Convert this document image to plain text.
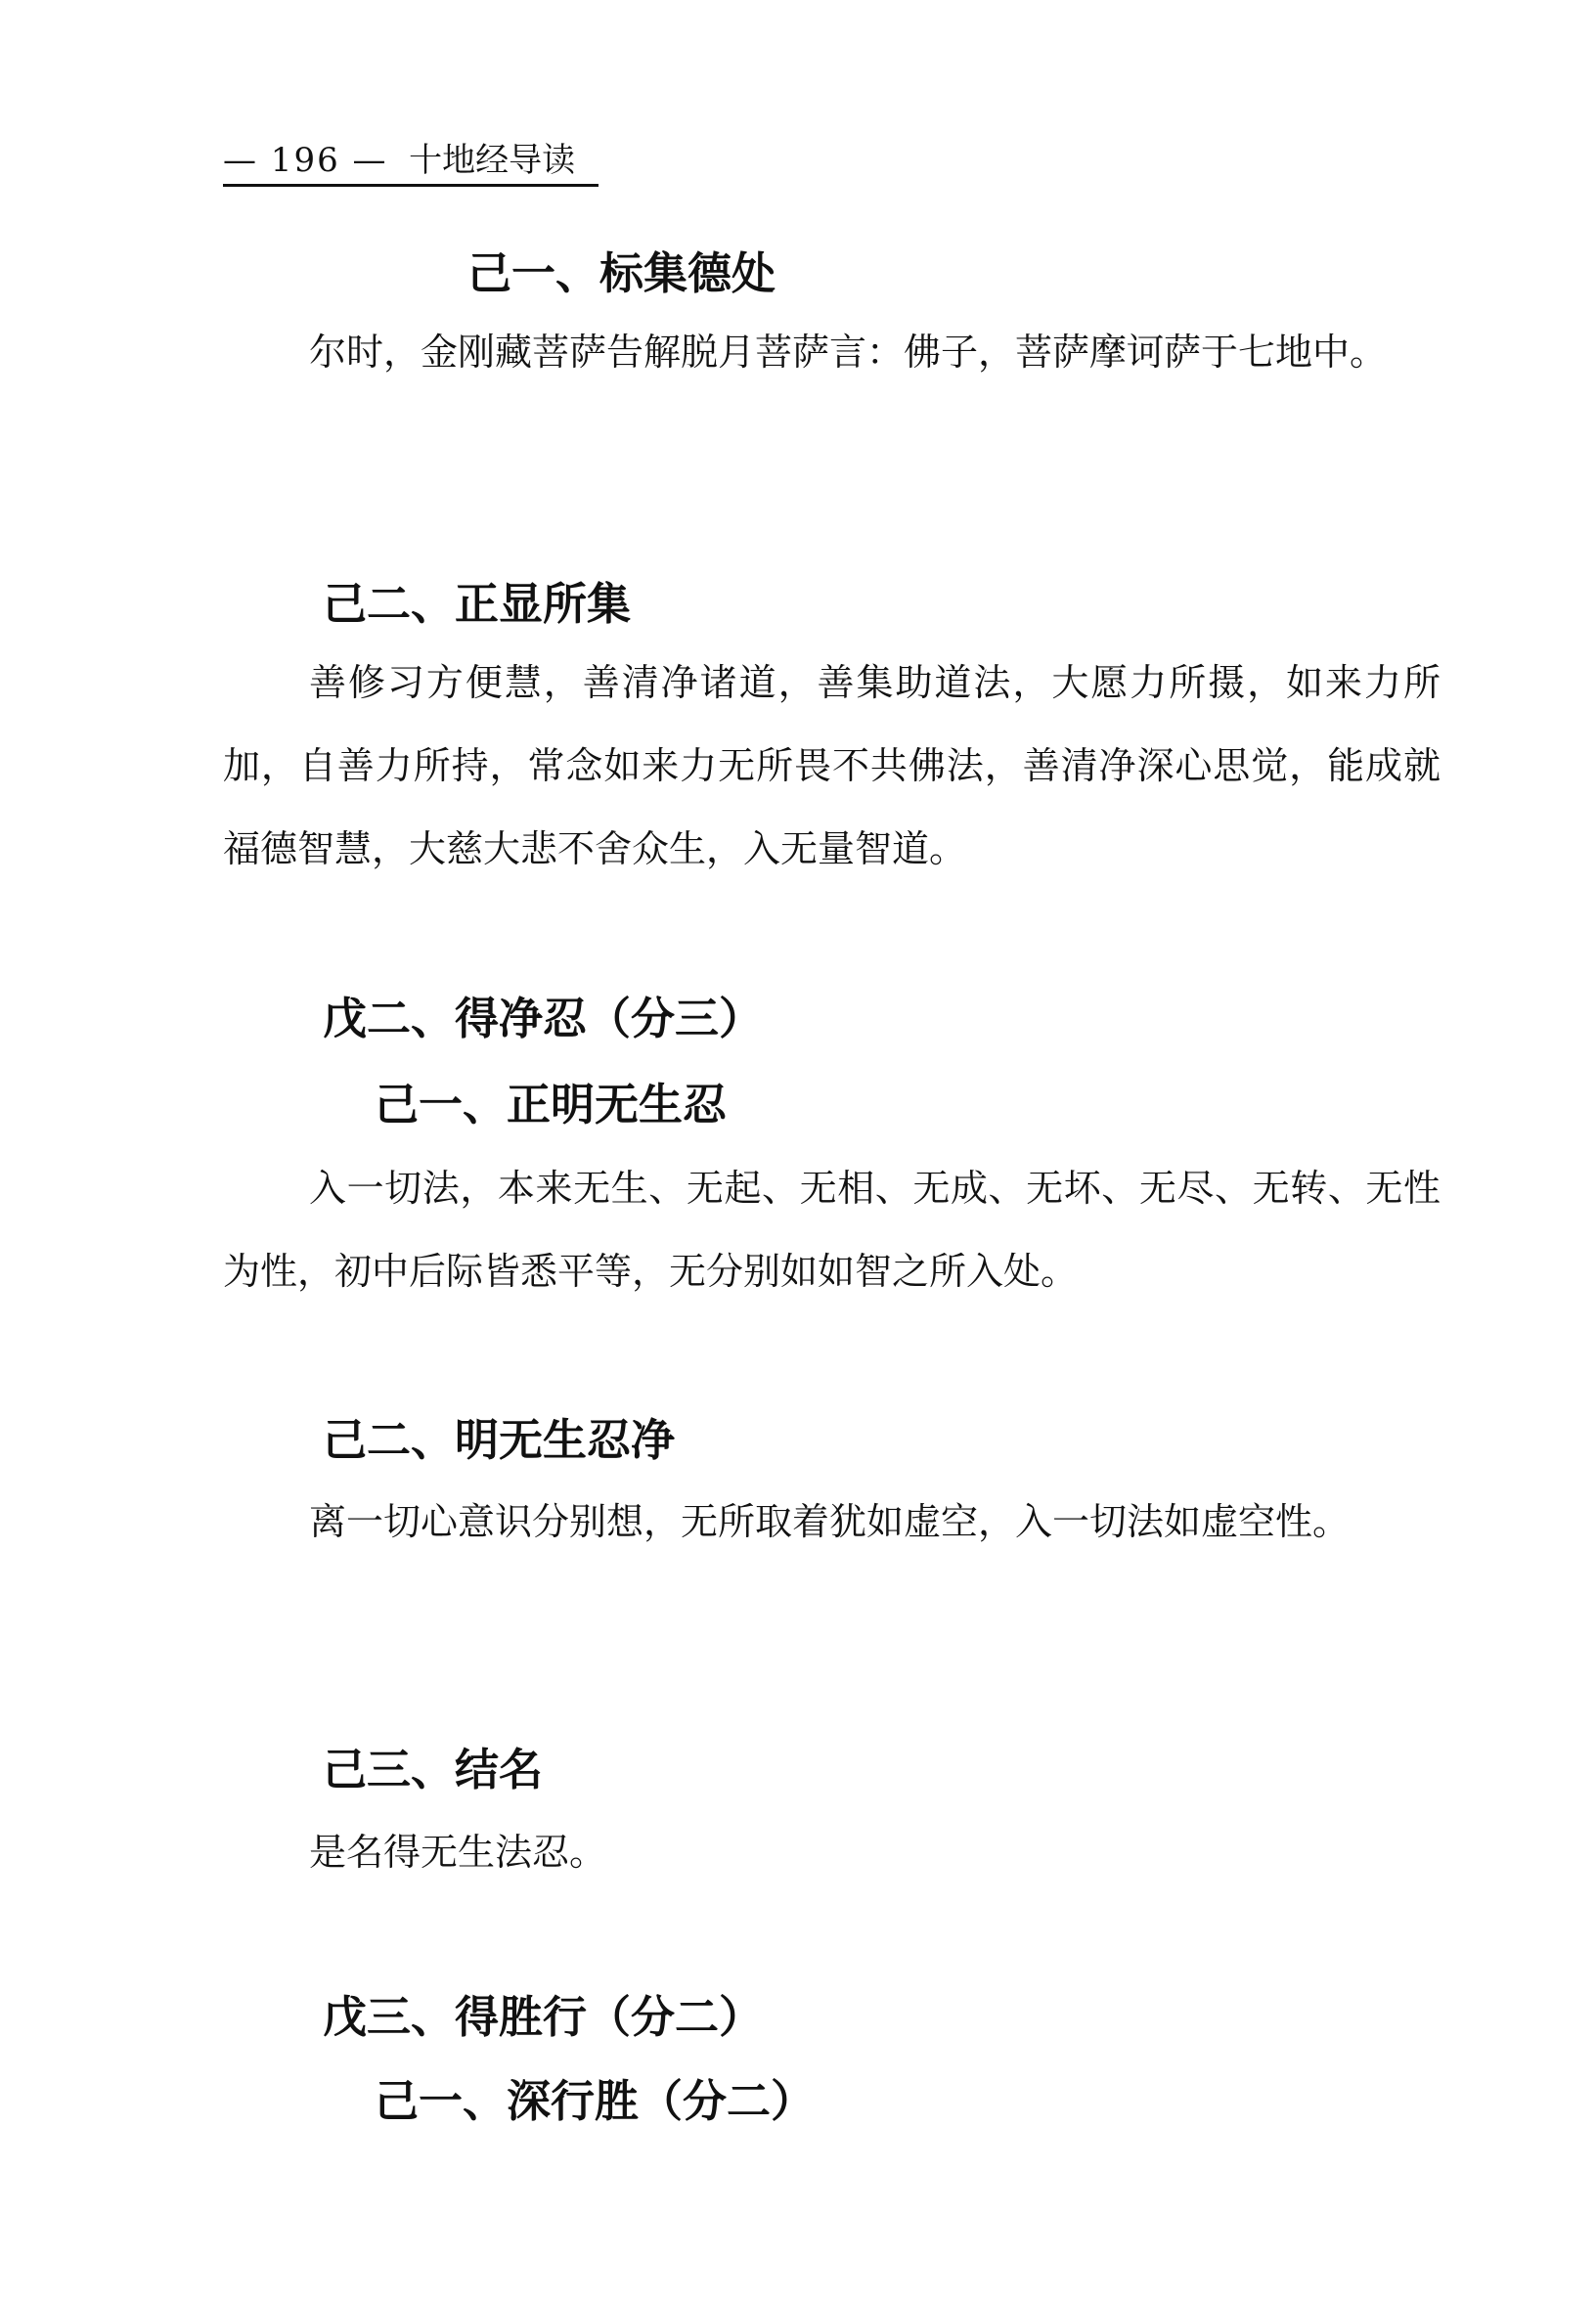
— 196 — 十地经导读
己一、标集德处
尔时，金刚藏菩萨告解脱月菩萨言：佛子，菩萨摩诃萨于七地中。
己二、正显所集
善修习方便慧，善清净诸道，善集助道法，大愿力所摄，如来力所加，自善力所持，常念如来力无所畏不共佛法，善清净深心思觉，能成就福德智慧，大慈大悲不舍众生，入无量智道。
戊二、得净忍（分三）
己一、正明无生忍
入一切法，本来无生、无起、无相、无成、无坏、无尽、无转、无性为性，初中后际皆悉平等，无分别如如智之所入处。
己二、明无生忍净
离一切心意识分别想，无所取着犹如虚空，入一切法如虚空性。
己三、结名
是名得无生法忍。
戊三、得胜行（分二）
己一、深行胜（分二）
